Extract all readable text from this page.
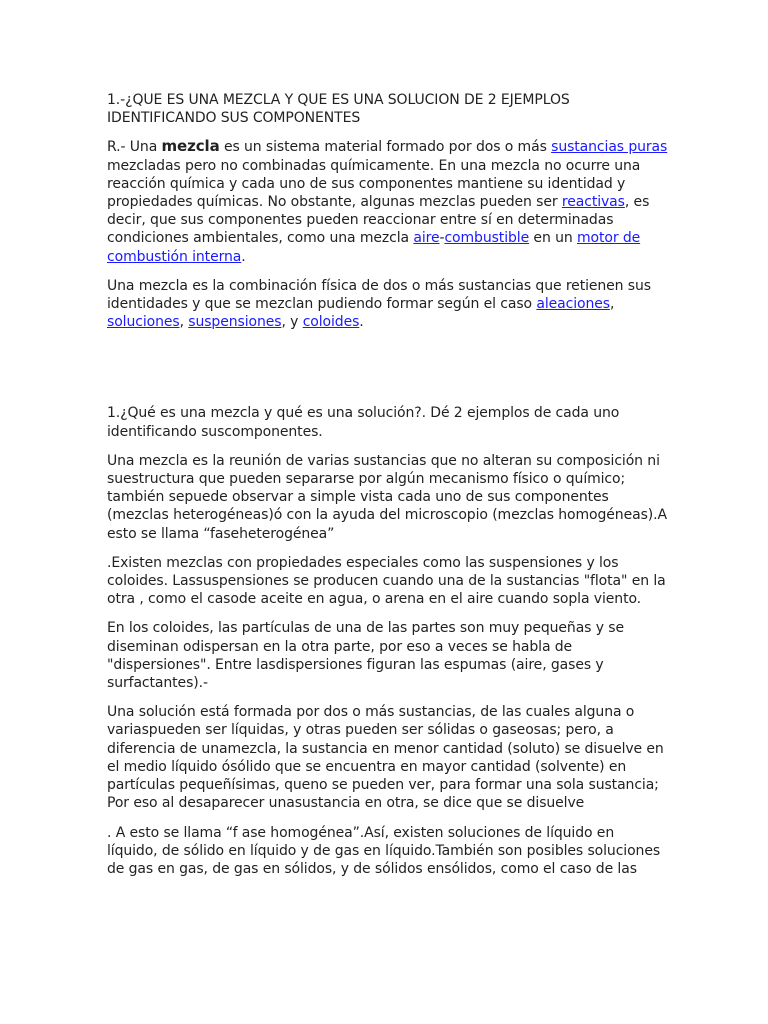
1.-¿QUE ES UNA MEZCLA Y QUE ES UNA SOLUCION DE 2 EJEMPLOS IDENTIFICANDO SUS COMPONENTES

R.- Una mezcla es un sistema material formado por dos o más sustancias puras mezcladas pero no combinadas químicamente. En una mezcla no ocurre una reacción química y cada uno de sus componentes mantiene su identidad y propiedades químicas. No obstante, algunas mezclas pueden ser reactivas, es decir, que sus componentes pueden reaccionar entre sí en determinadas condiciones ambientales, como una mezcla aire-combustible en un motor de combustión interna.

Una mezcla es la combinación física de dos o más sustancias que retienen sus identidades y que se mezclan pudiendo formar según el caso aleaciones, soluciones, suspensiones, y coloides.

1.¿Qué es una mezcla y qué es una solución?. Dé 2 ejemplos de cada uno identificando suscomponentes.

Una mezcla es la reunión de varias sustancias que no alteran su composición ni suestructura que pueden separarse por algún mecanismo físico o químico; también sepuede observar a simple vista cada uno de sus componentes (mezclas heterogéneas)ó con la ayuda del microscopio (mezclas homogéneas).A esto se llama “faseheterogénea”

.Existen mezclas con propiedades especiales como las suspensiones y los coloides. Lassuspensiones se producen cuando una de la sustancias "flota" en la otra , como el casode aceite en agua, o arena en el aire cuando sopla viento.

En los coloides, las partículas de una de las partes son muy pequeñas y se diseminan odispersan en la otra parte, por eso a veces se habla de "dispersiones". Entre lasdispersiones figuran las espumas (aire, gases y surfactantes).-

Una solución está formada por dos o más sustancias, de las cuales alguna o variaspueden ser líquidas, y otras pueden ser sólidas o gaseosas; pero, a diferencia de unamezcla, la sustancia en menor cantidad (soluto) se disuelve en el medio líquido ósólido que se encuentra en mayor cantidad (solvente) en partículas pequeñísimas, queno se pueden ver, para formar una sola sustancia; Por eso al desaparecer unasustancia en otra, se dice que se disuelve

. A esto se llama “f ase homogénea”.Así, existen soluciones de líquido en líquido, de sólido en líquido y de gas en líquido.También son posibles soluciones de gas en gas, de gas en sólidos, y de sólidos ensólidos, como el caso de las
